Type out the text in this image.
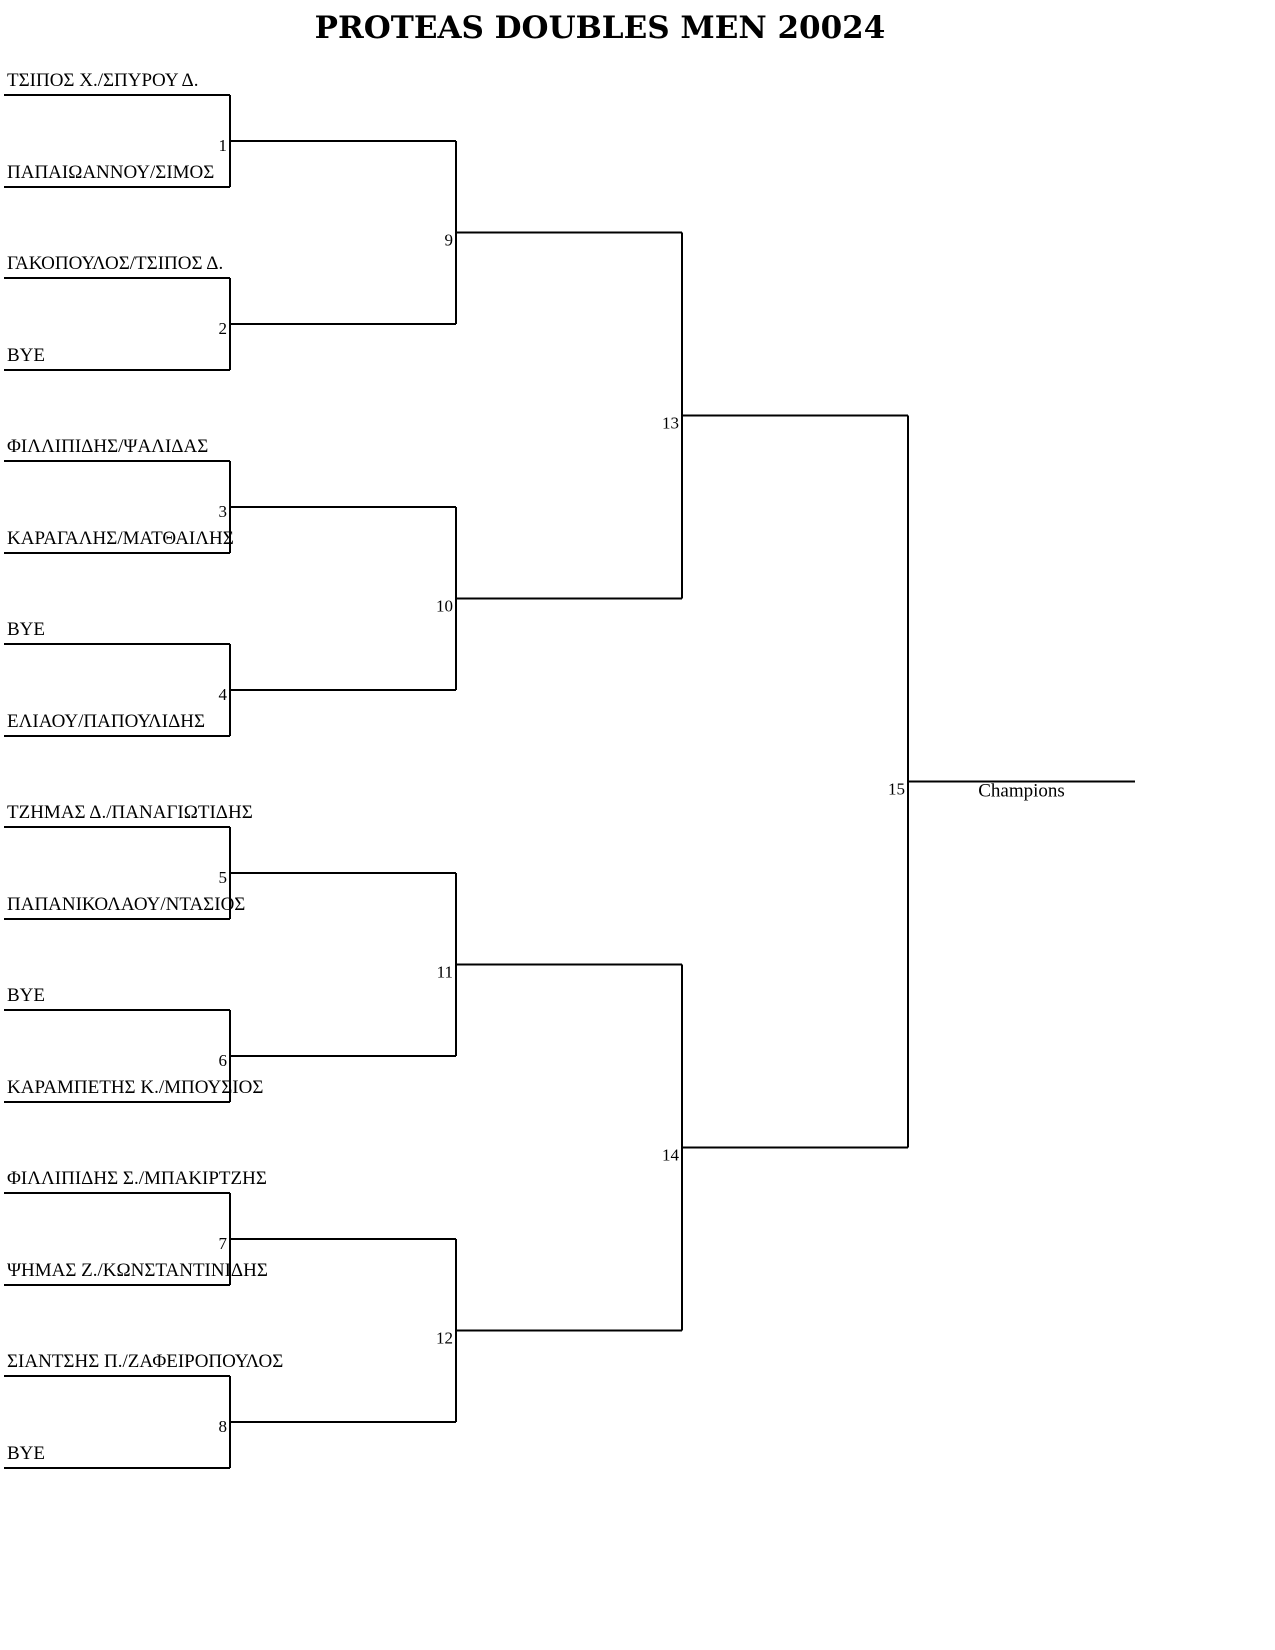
PROTEAS DOUBLES MEN 20024
ΤΣΙΠΟΣ Χ./ΣΠΥΡΟΥ Δ.
ΠΑΠΑΙΩΑΝΝΟΥ/ΣΙΜΟΣ
1
ΓΑΚΟΠΟΥΛΟΣ/ΤΣΙΠΟΣ Δ.
BYE
2
ΦΙΛΛΙΠΙΔΗΣ/ΨΑΛΙΔΑΣ
ΚΑΡΑΓΑΛΗΣ/ΜΑΤΘΑΙΛΗΣ
3
BYE
ΕΛΙΑΟΥ/ΠΑΠΟΥΛΙΔΗΣ
4
ΤΖΗΜΑΣ Δ./ΠΑΝΑΓΙΩΤΙΔΗΣ
ΠΑΠΑΝΙΚΟΛΑΟΥ/ΝΤΑΣΙΟΣ
5
BYE
ΚΑΡΑΜΠΕΤΗΣ Κ./ΜΠΟΥΣΙΟΣ
6
ΦΙΛΛΙΠΙΔΗΣ Σ./ΜΠΑΚΙΡΤΖΗΣ
ΨΗΜΑΣ Ζ./ΚΩΝΣΤΑΝΤΙΝΙΔΗΣ
7
ΣΙΑΝΤΣΗΣ Π./ΖΑΦΕΙΡΟΠΟΥΛΟΣ
BYE
8
9
10
11
12
13
14
15	Champions
